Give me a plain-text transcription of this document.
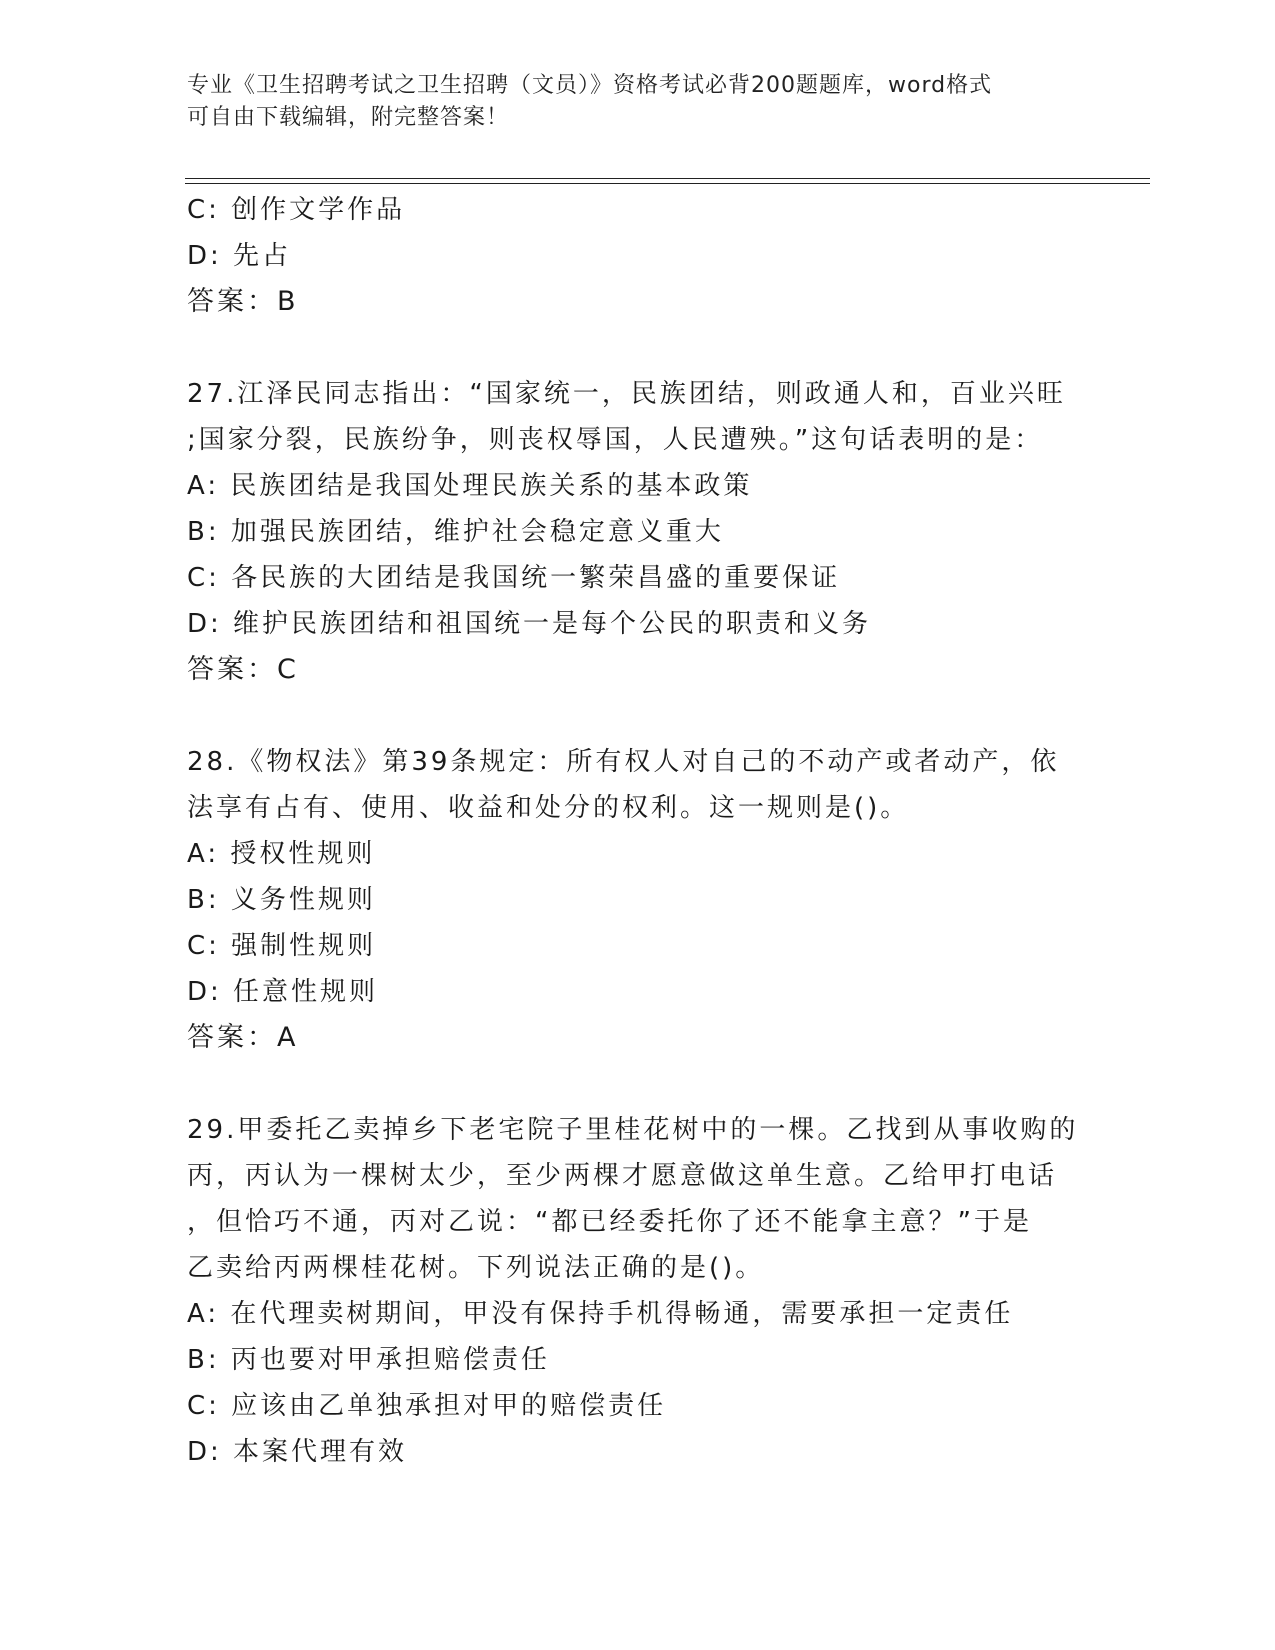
专业《卫生招聘考试之卫生招聘（文员）》资格考试必背200题题库，word格式
可自由下载编辑，附完整答案！
C: 创作文学作品
D: 先占
答案：B
27.江泽民同志指出：“国家统一，民族团结，则政通人和，百业兴旺
;国家分裂，民族纷争，则丧权辱国，人民遭殃。”这句话表明的是：
A: 民族团结是我国处理民族关系的基本政策
B: 加强民族团结，维护社会稳定意义重大
C: 各民族的大团结是我国统一繁荣昌盛的重要保证
D: 维护民族团结和祖国统一是每个公民的职责和义务
答案：C
28.《物权法》第39条规定：所有权人对自己的不动产或者动产，依
法享有占有、使用、收益和处分的权利。这一规则是()。
A: 授权性规则
B: 义务性规则
C: 强制性规则
D: 任意性规则
答案：A
29.甲委托乙卖掉乡下老宅院子里桂花树中的一棵。乙找到从事收购的
丙，丙认为一棵树太少，至少两棵才愿意做这单生意。乙给甲打电话
，但恰巧不通，丙对乙说：“都已经委托你了还不能拿主意？”于是
乙卖给丙两棵桂花树。下列说法正确的是()。
A: 在代理卖树期间，甲没有保持手机得畅通，需要承担一定责任
B: 丙也要对甲承担赔偿责任
C: 应该由乙单独承担对甲的赔偿责任
D: 本案代理有效
